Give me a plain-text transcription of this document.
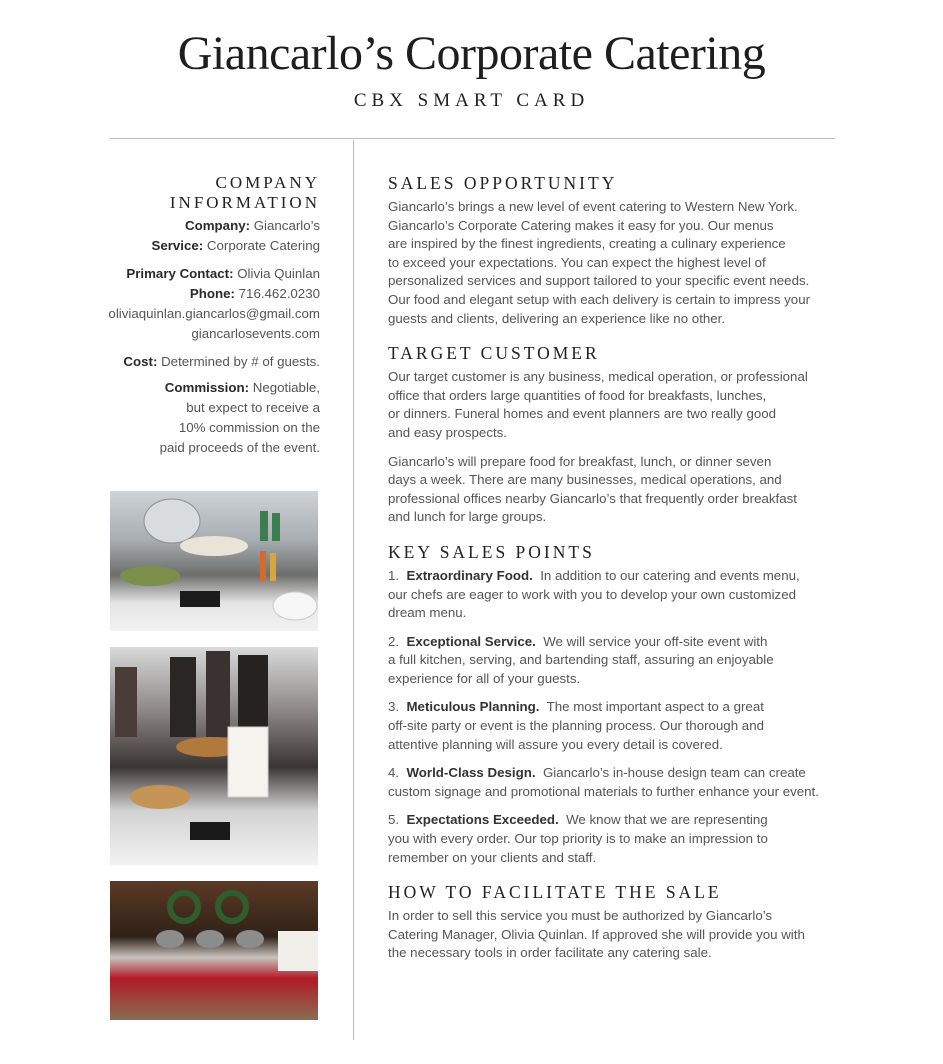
Giancarlo’s Corporate Catering
CBX SMART CARD
COMPANY
INFORMATION
Company: Giancarlo’s
Service: Corporate Catering
Primary Contact: Olivia Quinlan
Phone: 716.462.0230
oliviaquinlan.giancarlos@gmail.com
giancarlosevents.com
Cost: Determined by # of guests.
Commission: Negotiable,
but expect to receive a
10% commission on the
paid proceeds of the event.
SALES OPPORTUNITY

Giancarlo’s brings a new level of event catering to Western New York.

Giancarlo’s Corporate Catering makes it easy for you. Our menus

are inspired by the finest ingredients, creating a culinary experience

to exceed your expectations. You can expect the highest level of

personalized services and support tailored to your specific event needs.

Our food and elegant setup with each delivery is certain to impress your

guests and clients, delivering an experience like no other.

TARGET CUSTOMER

Our target customer is any business, medical operation, or professional

office that orders large quantities of food for breakfasts, lunches,

or dinners. Funeral homes and event planners are two really good

and easy prospects.

Giancarlo’s will prepare food for breakfast, lunch, or dinner seven

days a week. There are many businesses, medical operations, and

professional offices nearby Giancarlo’s that frequently order breakfast

and lunch for large groups.

KEY SALES POINTS

1. Extraordinary Food. In addition to our catering and events menu,

our chefs are eager to work with you to develop your own customized

dream menu.

2. Exceptional Service. We will service your off-site event with

a full kitchen, serving, and bartending staff, assuring an enjoyable

experience for all of your guests.

3. Meticulous Planning. The most important aspect to a great

off-site party or event is the planning process. Our thorough and

attentive planning will assure you every detail is covered.

4. World-Class Design. Giancarlo’s in-house design team can create

custom signage and promotional materials to further enhance your event.

5. Expectations Exceeded. We know that we are representing

you with every order. Our top priority is to make an impression to

remember on your clients and staff.

HOW TO FACILITATE THE SALE

In order to sell this service you must be authorized by Giancarlo’s

Catering Manager, Olivia Quinlan. If approved she will provide you with

the necessary tools in order facilitate any catering sale.
